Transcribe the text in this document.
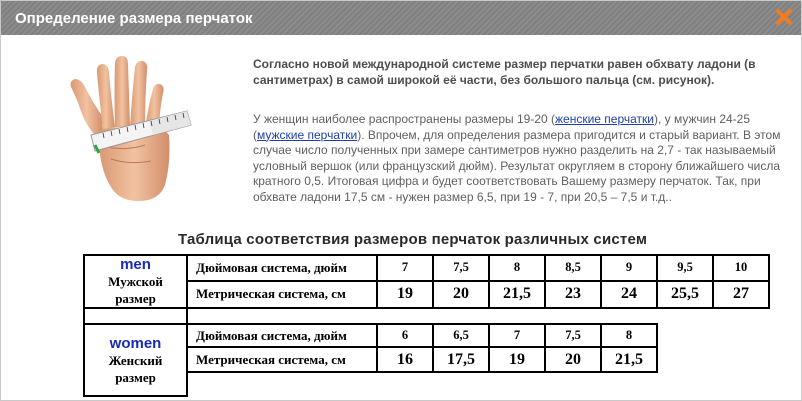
Определение размера перчаток

Согласно новой международной системе размер перчатки равен обхвату ладони (в сантиметрах) в самой широкой её части, без большого пальца (см. рисунок).

У женщин наиболее распространены размеры 19-20 (женские перчатки), у мужчин 24-25 (мужские перчатки). Впрочем, для определения размера пригодится и старый вариант. В этом случае число полученных при замере сантиметров нужно разделить на 2,7 - так называемый условный вершок (или французский дюйм). Результат округляем в сторону ближайшего числа кратного 0,5. Итоговая цифра и будет соответствовать Вашему размеру перчаток. Так, при обхвате ладони 17,5 см - нужен размер 6,5, при 19 - 7, при 20,5 – 7,5 и т.д..

Таблица соответствия размеров перчаток различных систем
men
Мужской
размер	Дюймовая система, дюйм	7	7,5	8	8,5	9	9,5	10
	Метрическая система, см	19	20	21,5	23	24	25,5	27

women
Женский
размер	Дюймовая система, дюйм	6	6,5	7	7,5	8
	Метрическая система, см	16	17,5	19	20	21,5
